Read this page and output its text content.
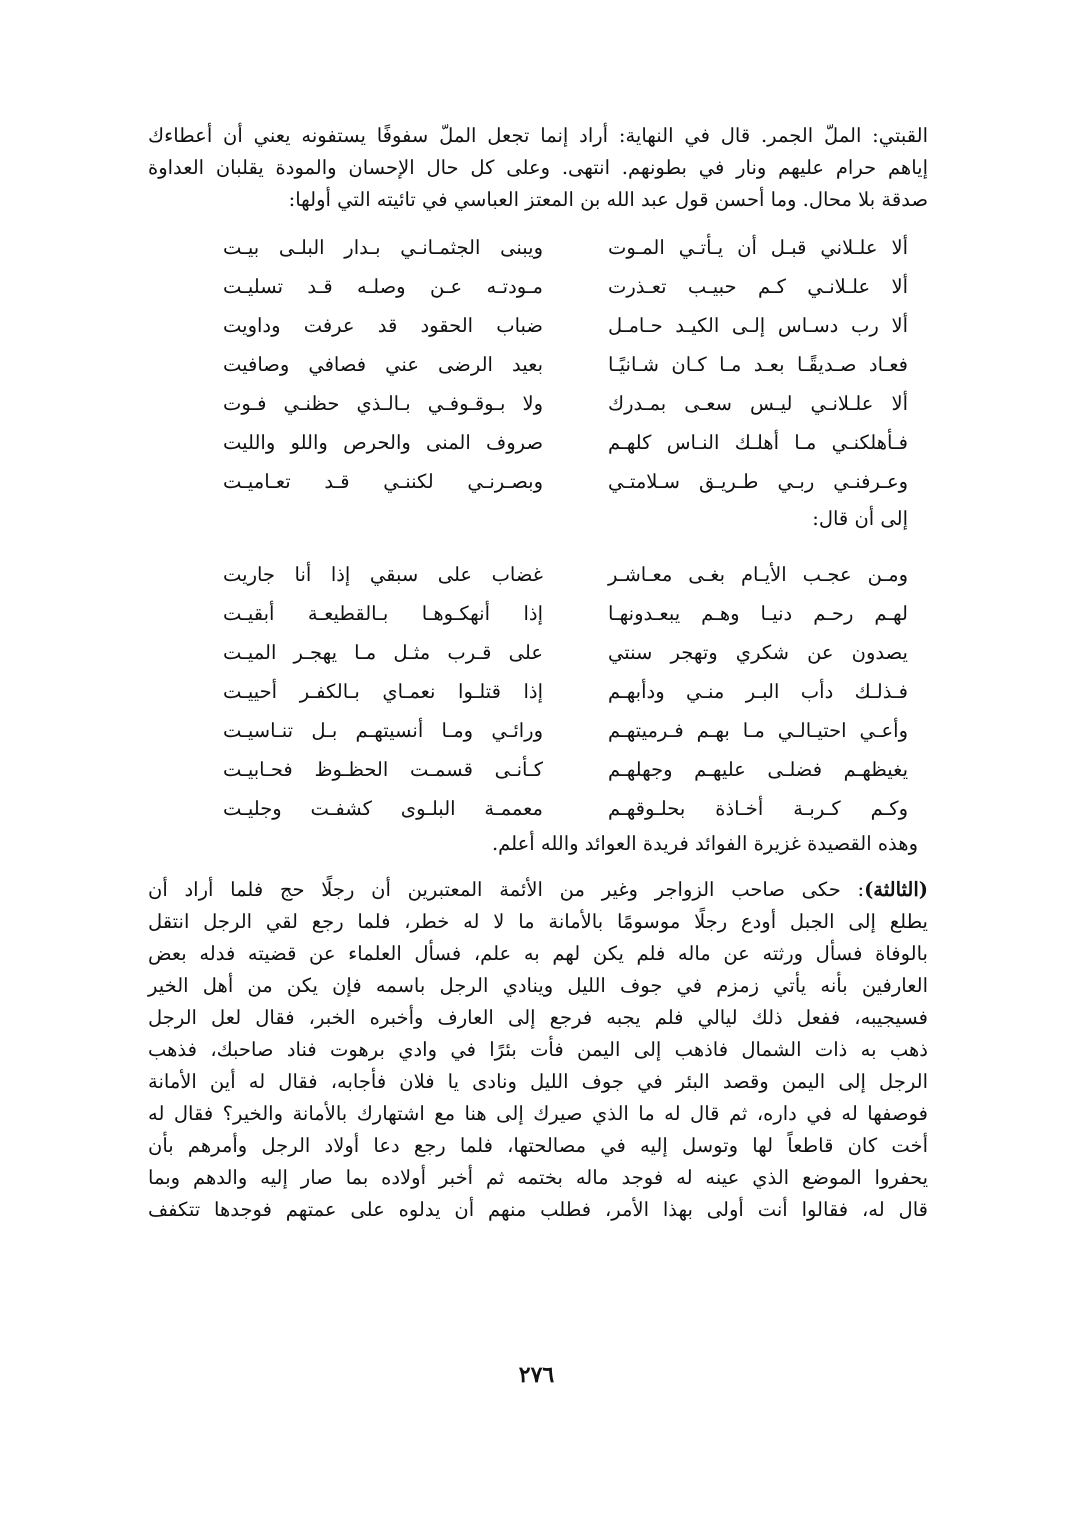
القبتي: الملّ الجمر. قال في النهاية: أراد إنما تجعل الملّ سفوفًا يستفونه يعني أن أعطاءك
إياهم حرام عليهم ونار في بطونهم. انتهى. وعلى كل حال الإحسان والمودة يقلبان العداوة
صدقة بلا محال. وما أحسن قول عبد الله بن المعتز العباسي في تائيته التي أولها:
ألا علـلاني قبـل أن يـأتـي المـوت
ويبنى الجثمـانـي بـدار البلـى بيـت
ألا علـلانـي كـم حبيـب تعـذرت
مـودتـه عـن وصلـه قـد تسليـت
ألا رب دسـاس إلـى الكيـد حـامـل
ضباب الحقود قد عرفت وداويت
فعـاد صـديقًـا بعـد مـا كـان شـانيًـا
بعيد الرضى عني فصافي وصافيت
ألا علـلانـي ليـس سعـى بمـدرك
ولا بـوقـوفـي بـالـذي حظنـي فـوت
فـأهلكنـي مـا أهلـك النـاس كلهـم
صروف المنى والحرص واللو والليت
وعـرفنـي ربـي طـريـق سـلامتـي
وبصـرنـي لكننـي قـد تعـاميـت
إلى أن قال:
ومـن عجـب الأيـام بغـى معـاشـر
غضاب على سبقي إذا أنا جاريت
لهـم رحـم دنيـا وهـم يبعـدونهـا
إذا أنهكـوهـا بـالقطيعـة أبقيـت
يصدون عن شكري وتهجر سنتي
على قـرب مثـل مـا يهجـر الميـت
فـذلـك دأب البـر منـي ودأبهـم
إذا قتلـوا نعمـاي بـالكفـر أحييـت
وأعـي احتيـالـي مـا بهـم فـرميتهـم
ورائـي ومـا أنسيتهـم بـل تنـاسيـت
يغيظهـم فضلـى عليهـم وجهلهـم
كـأنـى قسمـت الحظـوظ فحـابيـت
وكـم كـربـة أخـاذة بحلـوقهـم
معممـة البلـوى كشفـت وجليـت
وهذه القصيدة غزيرة الفوائد فريدة العوائد والله أعلم.
(الثالثة): حكى صاحب الزواجر وغير من الأئمة المعتبرين أن رجلًا حج فلما أراد أن
يطلع إلى الجبل أودع رجلًا موسومًا بالأمانة ما لا له خطر، فلما رجع لقي الرجل انتقل
بالوفاة فسأل ورثته عن ماله فلم يكن لهم به علم، فسأل العلماء عن قضيته فدله بعض
العارفين بأنه يأتي زمزم في جوف الليل وينادي الرجل باسمه فإن يكن من أهل الخير
فسيجيبه، ففعل ذلك ليالي فلم يجبه فرجع إلى العارف وأخبره الخبر، فقال لعل الرجل
ذهب به ذات الشمال فاذهب إلى اليمن فأت بئرًا في وادي برهوت فناد صاحبك، فذهب
الرجل إلى اليمن وقصد البئر في جوف الليل ونادى يا فلان فأجابه، فقال له أين الأمانة
فوصفها له في داره، ثم قال له ما الذي صيرك إلى هنا مع اشتهارك بالأمانة والخير؟ فقال له
أخت كان قاطعاً لها وتوسل إليه في مصالحتها، فلما رجع دعا أولاد الرجل وأمرهم بأن
يحفروا الموضع الذي عينه له فوجد ماله بختمه ثم أخبر أولاده بما صار إليه والدهم وبما
قال له، فقالوا أنت أولى بهذا الأمر، فطلب منهم أن يدلوه على عمتهم فوجدها تتكفف
٢٧٦
